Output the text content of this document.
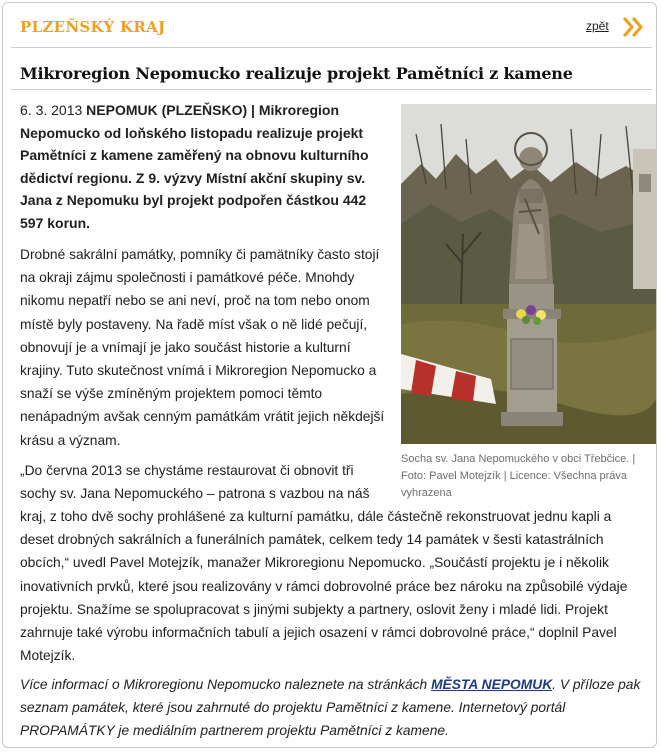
PLZEŇSKÝ KRAJ	zpět
Mikroregion Nepomucko realizuje projekt Pamětníci z kamene

6. 3. 2013 NEPOMUK (PLZEŇSKO) | Mikroregion Nepomucko od loňského listopadu realizuje projekt Pamětníci z kamene zaměřený na obnovu kulturního dědictví regionu. Z 9. výzvy Místní akční skupiny sv. Jana z Nepomuku byl projekt podpořen částkou 442 597 korun.

Drobné sakrální památky, pomníky či pamätníky často stojí na okraji zájmu společnosti i památkové péče. Mnohdy nikomu nepatří nebo se ani neví, proč na tom nebo onom místě byly postaveny. Na řadě míst však o ně lidé pečují, obnovují je a vnímají je jako součást historie a kulturní krajiny. Tuto skutečnost vnímá i Mikroregion Nepomucko a snaží se výše zmíněným projektem pomoci těmto nenápadným avšak cenným památkám vrátit jejich někdejší krásu a význam.

„Do června 2013 se chystáme restaurovat či obnovit tři sochy sv. Jana Nepomuckého – patrona s vazbou na náš

kraj, z toho dvě sochy prohlášené za kulturní památku, dále částečně rekonstruovat jednu kapli a deset drobných sakrálních a funerálních památek, celkem tedy 14 památek v šesti katastrálních obcích,“ uvedl Pavel Motejzík, manažer Mikroregionu Nepomucko. „Součástí projektu je i několik inovativních prvků, které jsou realizovány v rámci dobrovolné práce bez nároku na způsobilé výdaje projektu. Snažíme se spolupracovat s jinými subjekty a partnery, oslovit ženy i mladé lidi. Projekt zahrnuje také výrobu informačních tabulí a jejich osazení v rámci dobrovolné práce,“ doplnil Pavel Motejzík.

Více informací o Mikroregionu Nepomucko naleznete na stránkách MĚSTA NEPOMUK. V příloze pak seznam památek, které jsou zahrnuté do projektu Pamětníci z kamene. Internetový portál PROPAMÁTKY je mediálním partnerem projektu Pamětníci z kamene.

Socha sv. Jana Nepomuckého v obci Třebčice. | Foto: Pavel Motejzík | Licence: Všechna práva vyhrazena
